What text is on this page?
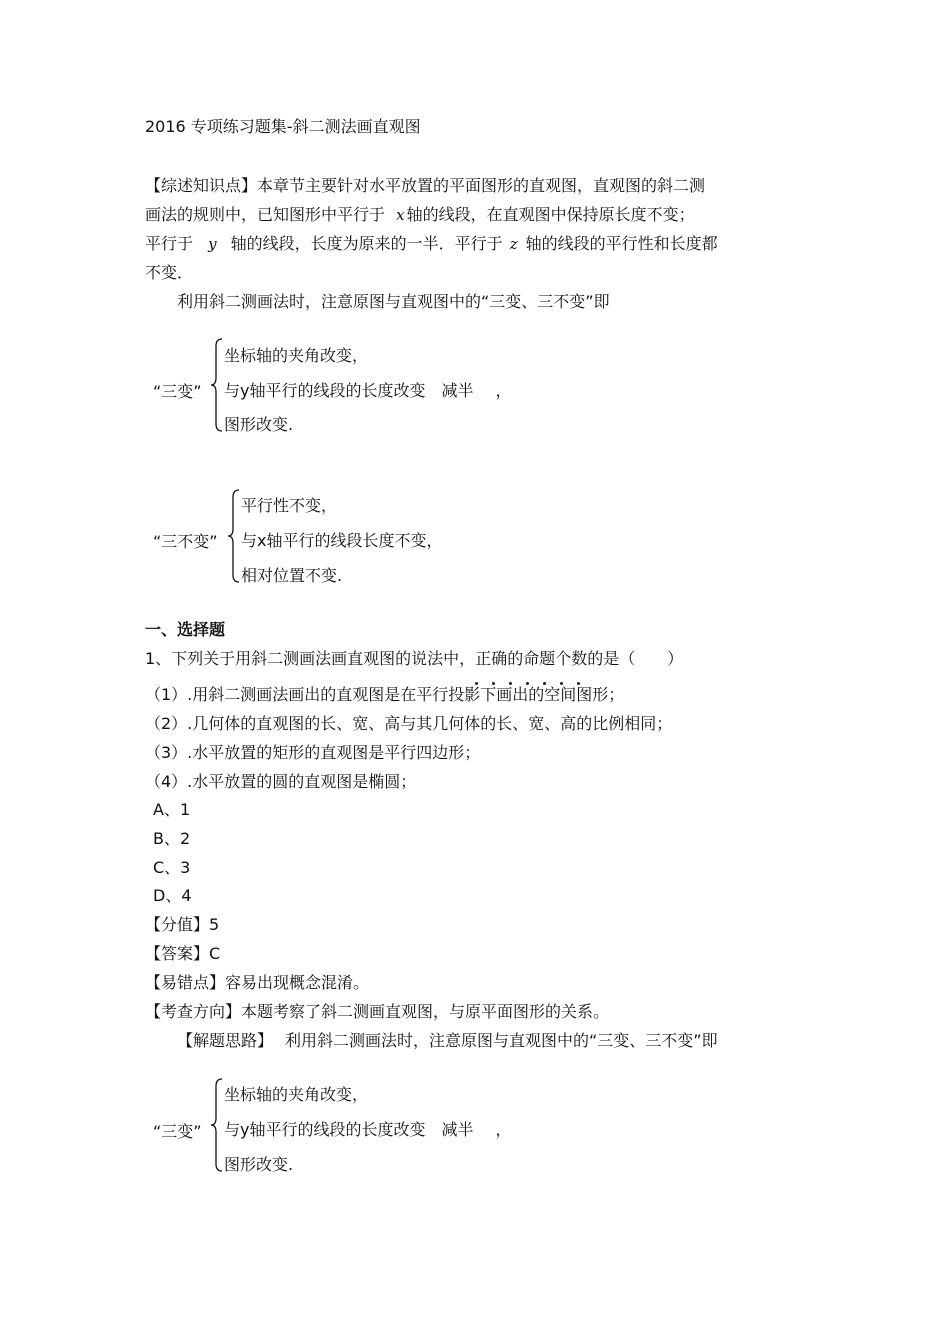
2016 专项练习题集-斜二测法画直观图
【综述知识点】本章节主要针对水平放置的平面图形的直观图，直观图的斜二测
画法的规则中，已知图形中平行于 x 轴的线段，在直观图中保持原长度不变；
平行于 y 轴的线段，长度为原来的一半．平行于 z 轴的线段的平行性和长度都
不变．
利用斜二测画法时，注意原图与直观图中的“三变、三不变”即
“三变”
坐标轴的夹角改变，
与y轴平行的线段的长度改变 减半 ，
图形改变.
“三不变”
平行性不变，
与x轴平行的线段长度不变，
相对位置不变.
一、选择题
1、下列关于用斜二测画法画直观图的说法中，正确的命题个数
的是（　　）
（1）.用斜二测画法画出的直观图是在平行投影下画出的空间图形；
（2）.几何体的直观图的长、宽、高与其几何体的长、宽、高的比例相同；
（3）.水平放置的矩形的直观图是平行四边形；
（4）.水平放置的圆的直观图是椭圆；
A、1
B、2
C、3
D、4
【分值】5
【答案】C
【易错点】容易出现概念混淆。
【考查方向】本题考察了斜二测画直观图，与原平面图形的关系。
【解题思路】 利用斜二测画法时，注意原图与直观图中的“三变、三不变”即
“三变”
坐标轴的夹角改变，
与y轴平行的线段的长度改变 减半 ，
图形改变.
